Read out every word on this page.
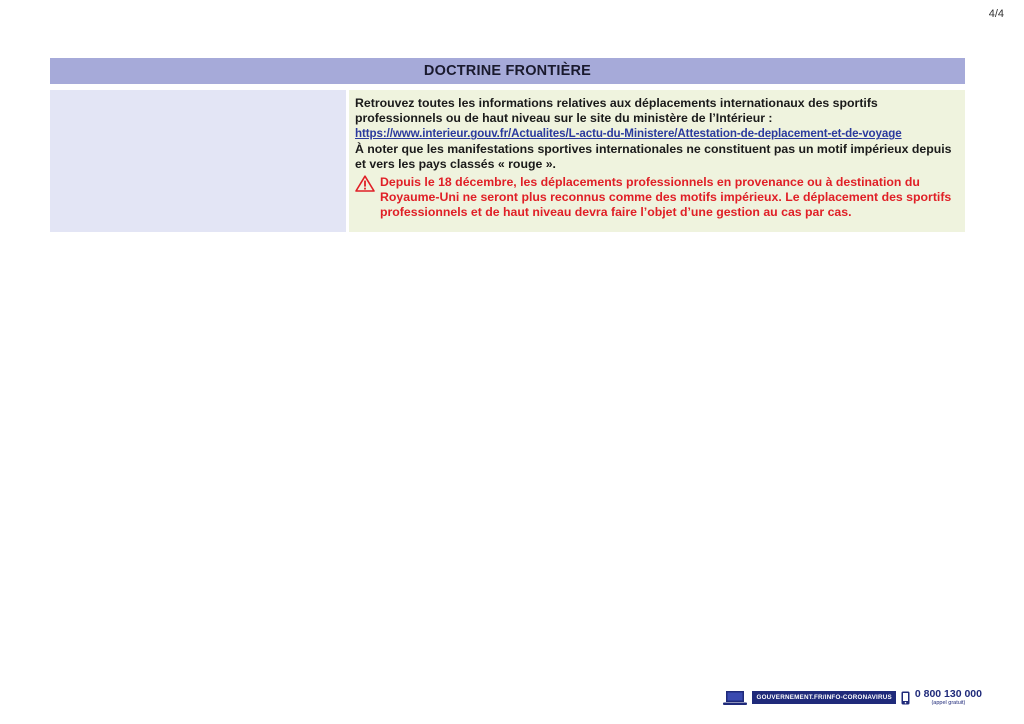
4/4
DOCTRINE FRONTIÈRE

Retrouvez toutes les informations relatives aux déplacements internationaux des sportifs professionnels ou de haut niveau sur le site du ministère de l’Intérieur :

https://www.interieur.gouv.fr/Actualites/L-actu-du-Ministere/Attestation-de-deplacement-et-de-voyage

À noter que les manifestations sportives internationales ne constituent pas un motif impérieux depuis et vers les pays classés « rouge ».

Depuis le 18 décembre, les déplacements professionnels en provenance ou à destination du Royaume-Uni ne seront plus reconnus comme des motifs impérieux. Le déplacement des sportifs professionnels et de haut niveau devra faire l’objet d’une gestion au cas par cas.

GOUVERNEMENT.FR/INFO-CORONAVIRUS	0 800 130 000
(appel gratuit)
